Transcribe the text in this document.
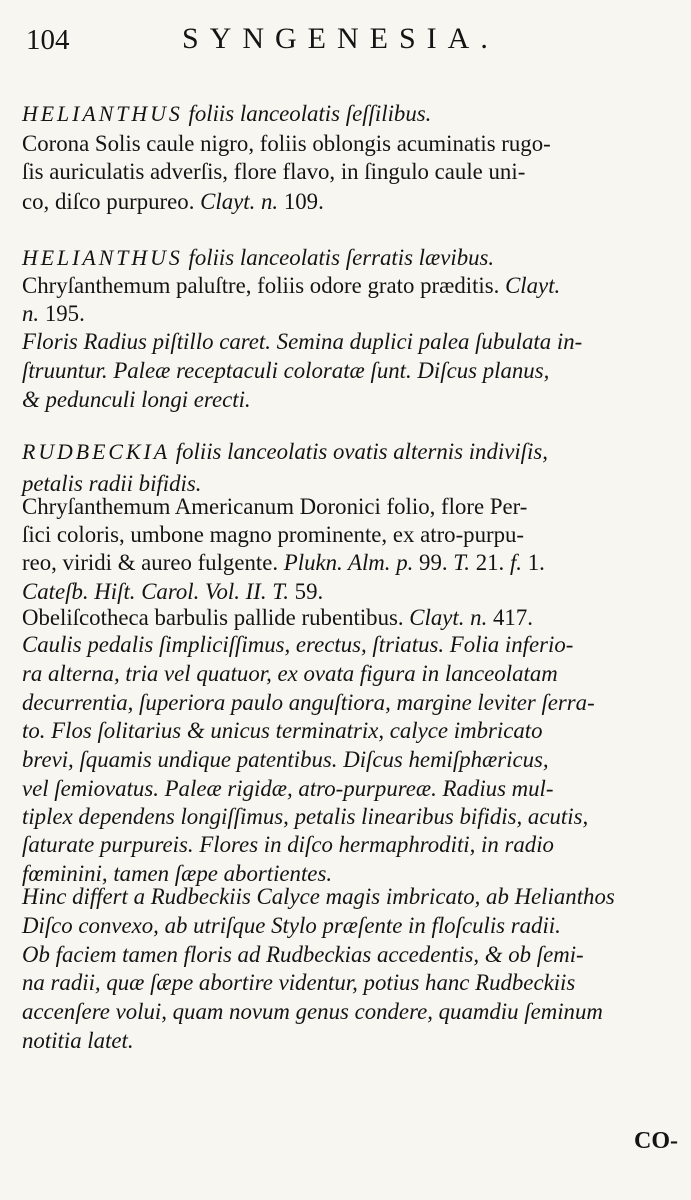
104	SYNGENESIA.
HELIANTHUS foliis lanceolatis ſeſſilibus.
Corona Solis caule nigro, foliis oblongis acuminatis rugo-
ſis auriculatis adverſis, flore flavo, in ſingulo caule uni-
co, diſco purpureo. Clayt. n. 109.
HELIANTHUS foliis lanceolatis ſerratis lævibus.
Chryſanthemum paluſtre, foliis odore grato præditis. Clayt.
n. 195.
Floris Radius piſtillo caret. Semina duplici palea ſubulata in-
ſtruuntur. Paleæ receptaculi coloratæ ſunt. Diſcus planus,
& pedunculi longi erecti.
RUDBECKIA foliis lanceolatis ovatis alternis indiviſis,
petalis radii bifidis.
Chryſanthemum Americanum Doronici folio, flore Per-
ſici coloris, umbone magno prominente, ex atro-purpu-
reo, viridi & aureo fulgente. Plukn. Alm. p. 99. T. 21. f. 1.
Cateſb. Hiſt. Carol. Vol. II. T. 59.
Obeliſcotheca barbulis pallide rubentibus. Clayt. n. 417.
Caulis pedalis ſimpliciſſimus, erectus, ſtriatus. Folia inferio-
ra alterna, tria vel quatuor, ex ovata figura in lanceolatam
decurrentia, ſuperiora paulo anguſtiora, margine leviter ſerra-
to. Flos ſolitarius & unicus terminatrix, calyce imbricato
brevi, ſquamis undique patentibus. Diſcus hemiſphæricus,
vel ſemiovatus. Paleæ rigidæ, atro-purpureæ. Radius mul-
tiplex dependens longiſſimus, petalis linearibus bifidis, acutis,
ſaturate purpureis. Flores in diſco hermaphroditi, in radio
fœminini, tamen ſæpe abortientes.
Hinc differt a Rudbeckiis Calyce magis imbricato, ab Helianthos
Diſco convexo, ab utriſque Stylo præſente in floſculis radii.
Ob faciem tamen floris ad Rudbeckias accedentis, & ob ſemi-
na radii, quæ ſæpe abortire videntur, potius hanc Rudbeckiis
accenſere volui, quam novum genus condere, quamdiu ſeminum
notitia latet.
CO-
